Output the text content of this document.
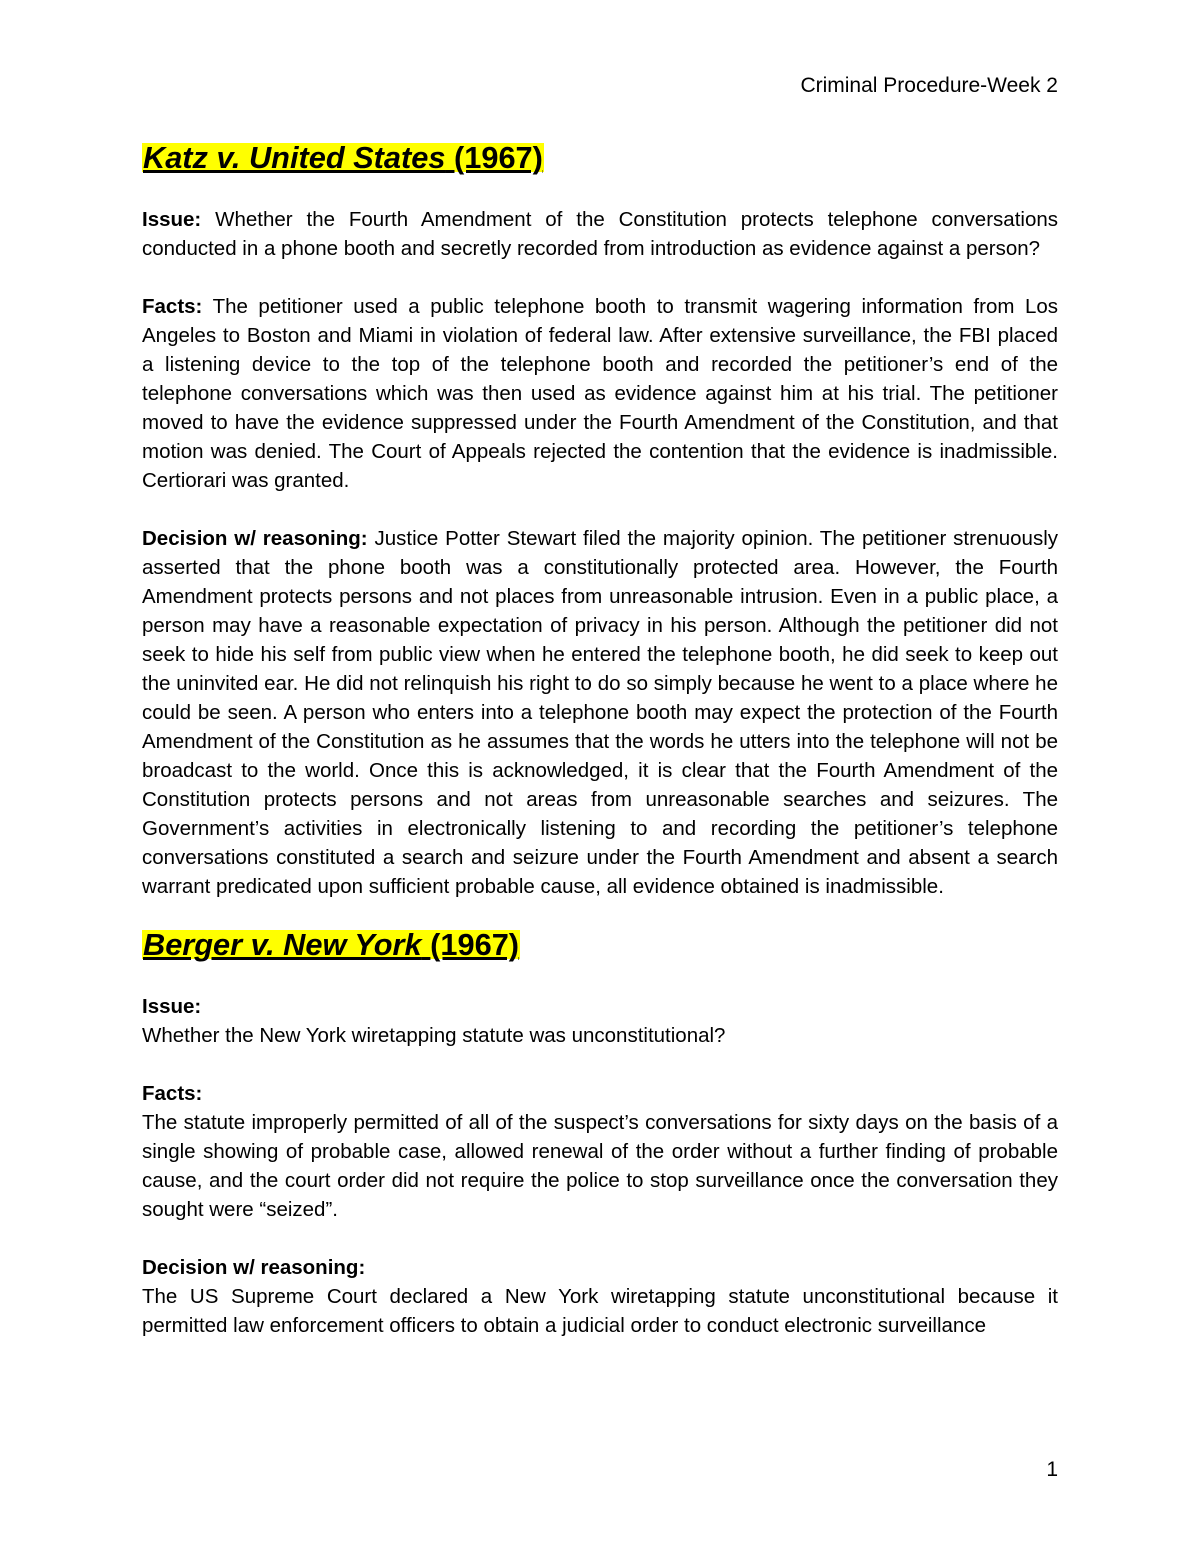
Criminal Procedure-Week 2
Katz v. United States (1967)

Issue: Whether the Fourth Amendment of the Constitution protects telephone conversations conducted in a phone booth and secretly recorded from introduction as evidence against a person?

Facts: The petitioner used a public telephone booth to transmit wagering information from Los Angeles to Boston and Miami in violation of federal law. After extensive surveillance, the FBI placed a listening device to the top of the telephone booth and recorded the petitioner’s end of the telephone conversations which was then used as evidence against him at his trial. The petitioner moved to have the evidence suppressed under the Fourth Amendment of the Constitution, and that motion was denied. The Court of Appeals rejected the contention that the evidence is inadmissible. Certiorari was granted.

Decision w/ reasoning: Justice Potter Stewart filed the majority opinion. The petitioner strenuously asserted that the phone booth was a constitutionally protected area. However, the Fourth Amendment protects persons and not places from unreasonable intrusion. Even in a public place, a person may have a reasonable expectation of privacy in his person. Although the petitioner did not seek to hide his self from public view when he entered the telephone booth, he did seek to keep out the uninvited ear. He did not relinquish his right to do so simply because he went to a place where he could be seen. A person who enters into a telephone booth may expect the protection of the Fourth Amendment of the Constitution as he assumes that the words he utters into the telephone will not be broadcast to the world. Once this is acknowledged, it is clear that the Fourth Amendment of the Constitution protects persons and not areas from unreasonable searches and seizures. The Government’s activities in electronically listening to and recording the petitioner’s telephone conversations constituted a search and seizure under the Fourth Amendment and absent a search warrant predicated upon sufficient probable cause, all evidence obtained is inadmissible.

Berger v. New York (1967)

Issue:

Whether the New York wiretapping statute was unconstitutional?

Facts:

The statute improperly permitted of all of the suspect’s conversations for sixty days on the basis of a single showing of probable case, allowed renewal of the order without a further finding of probable cause, and the court order did not require the police to stop surveillance once the conversation they sought were “seized”.

Decision w/ reasoning:

The US Supreme Court declared a New York wiretapping statute unconstitutional because it permitted law enforcement officers to obtain a judicial order to conduct electronic surveillance

1
